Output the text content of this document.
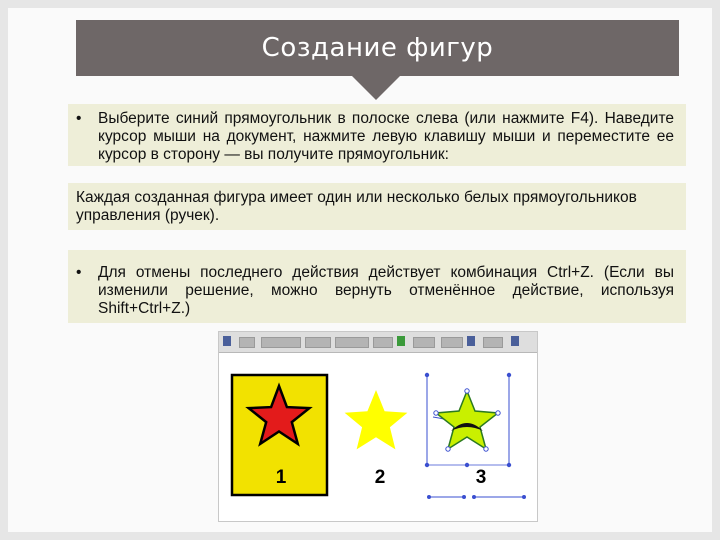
Создание фигур
•	Выберите синий прямоугольник в полоске слева (или нажмите F4). Наведите курсор мыши на документ, нажмите левую клавишу мыши и переместите ее курсор в сторону — вы получите прямоугольник:
Каждая созданная фигура имеет один или несколько белых прямоугольников управления (ручек).
•	Для отмены последнего действия действует комбинация Ctrl+Z. (Если вы изменили решение, можно вернуть отменённое действие, используя Shift+Ctrl+Z.)
1	2	3
